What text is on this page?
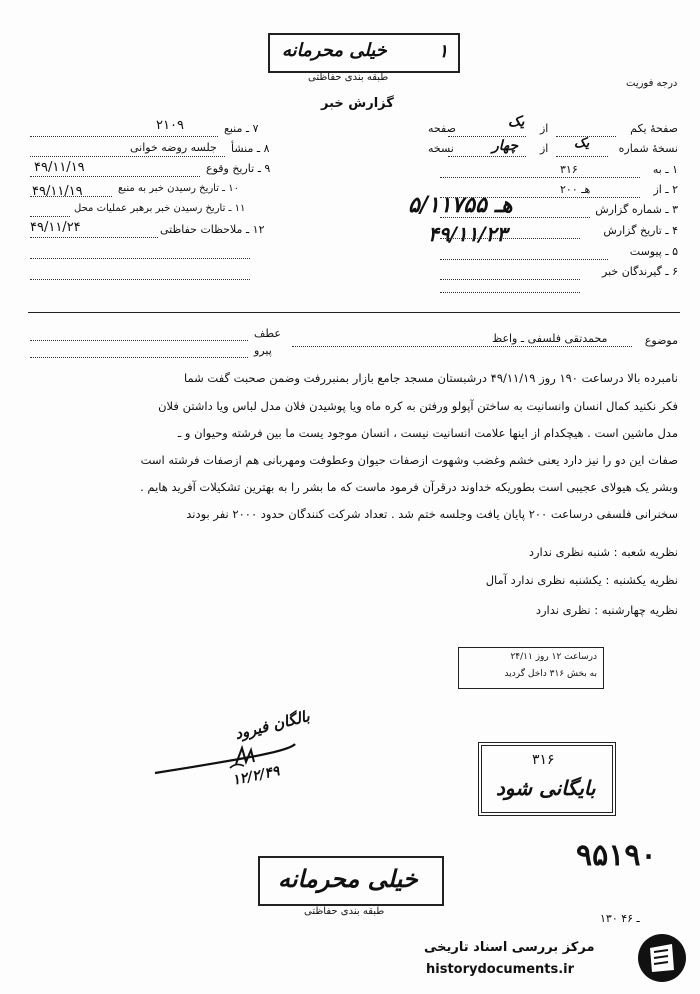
۱
خیلی محرمانه
طبقه بندی حفاظتی
درجه فوریت
گزارش خبر
صفحهٔ یکم
یک از
صفحه
نسخهٔ شماره
یک
از
چهار
نسخه
۱ ـ به
۳۱۶
۲ ـ از
۲۰۰ هـ
۳ ـ شماره گزارش
۵/۱۱۷۵۵ هـ
۴ ـ تاریخ گزارش
۴۹/۱۱/۲۳
۵ ـ پیوست
۶ ـ گیرندگان خبر
۷ ـ منبع
۲۱۰۹
۸ ـ منشأ
جلسه روضه خوانی
۹ ـ تاریخ وقوع
۴۹/۱۱/۱۹
۱۰ ـ تاریخ رسیدن خبر به منبع
۱۱ ـ تاریخ رسیدن خبر برهبر عملیات محل
۴۹/۱۱/۱۹
۱۲ ـ ملاحظات حفاظتی
۴۹/۱۱/۲۴
موضوع
محمدتقی فلسفی ـ واعظ
عطف
پیرو
نامبرده بالا درساعت ۱۹۰ روز ۴۹/۱۱/۱۹ درشبستان مسجد جامع بازار بمنبررفت وضمن صحبت گفت شما
فکر نکنید کمال انسان وانسانیت به ساختن آپولو ورفتن به کره ماه ویا پوشیدن فلان مدل لباس ویا داشتن فلان
مدل ماشین است . هیچکدام از اینها علامت انسانیت نیست ، انسان موجود یست ما بین فرشته وحیوان و ـ
صفات این دو را نیز دارد یعنی خشم وغضب وشهوت ازصفات حیوان وعطوفت ومهربانی هم ازصفات فرشته است
وبشر یک هیولای عجیبی است بطوریکه خداوند درقرآن فرمود ماست که ما بشر را به بهترین تشکیلات آفرید هایم .
سخنرانی فلسفی درساعت ۲۰۰ پایان یافت وجلسه ختم شد . تعداد شرکت کنندگان حدود ۲۰۰۰ نفر بودند
نظریه شعبه : شنبه نظری ندارد
نظریه یکشنبه : یکشنبه نظری ندارد آمال
نظریه چهارشنبه : نظری ندارد
درساعت ۱۲ روز ۲۴/۱۱
به بخش ۳۱۶ داخل گردید
بالگان فیرود
۱۲/۲/۴۹
۳۱۶
بایگانی شود
۹۵۱۹۰
خیلی محرمانه
طبقه بندی حفاظتی
۱۳۰ ـ ۴۶
مرکز بررسی اسناد تاریخی
historydocuments.ir
